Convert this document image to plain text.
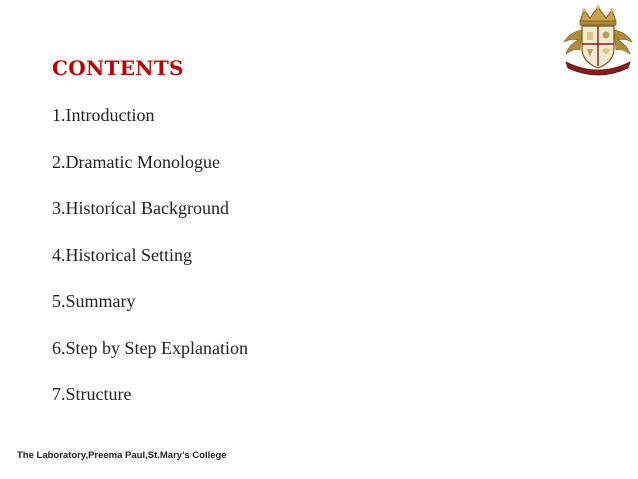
CONTENTS
1.Introduction
2.Dramatic Monologue
3.Historical Background
4.Historical Setting
5.Summary
6.Step by Step Explanation
7.Structure
The Laboratory,Preema Paul,St.Mary’s College
